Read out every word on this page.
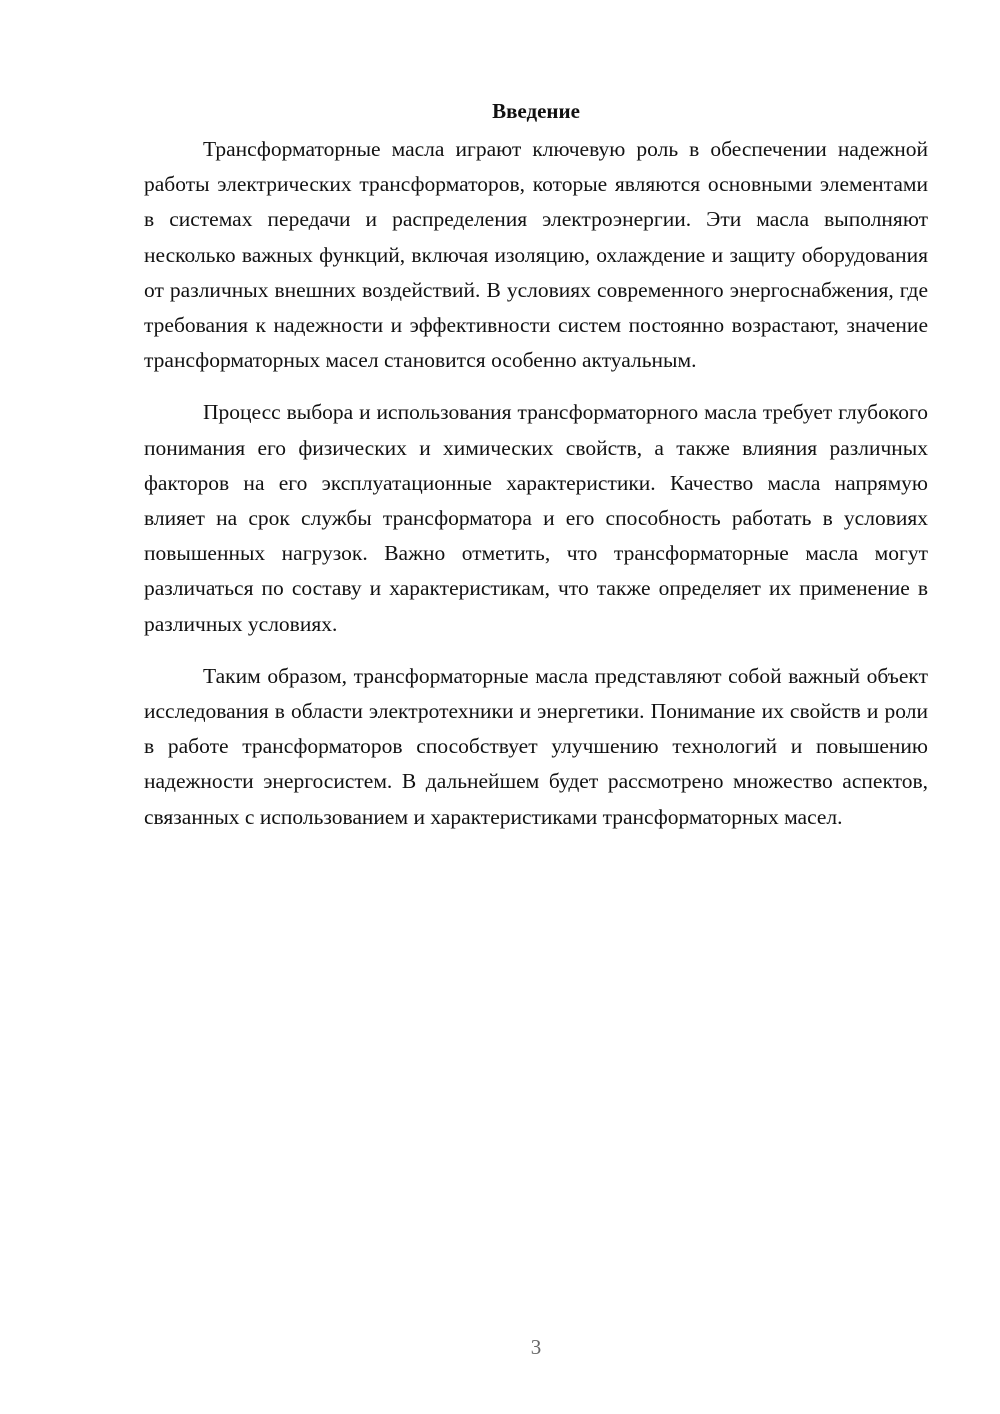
Введение

Трансформаторные масла играют ключевую роль в обеспечении надежной работы электрических трансформаторов, которые являются основными элементами в системах передачи и распределения электроэнергии. Эти масла выполняют несколько важных функций, включая изоляцию, охлаждение и защиту оборудования от различных внешних воздействий. В условиях современного энергоснабжения, где требования к надежности и эффективности систем постоянно возрастают, значение трансформаторных масел становится особенно актуальным.

Процесс выбора и использования трансформаторного масла требует глубокого понимания его физических и химических свойств, а также влияния различных факторов на его эксплуатационные характеристики. Качество масла напрямую влияет на срок службы трансформатора и его способность работать в условиях повышенных нагрузок. Важно отметить, что трансформаторные масла могут различаться по составу и характеристикам, что также определяет их применение в различных условиях.

Таким образом, трансформаторные масла представляют собой важный объект исследования в области электротехники и энергетики. Понимание их свойств и роли в работе трансформаторов способствует улучшению технологий и повышению надежности энергосистем. В дальнейшем будет рассмотрено множество аспектов, связанных с использованием и характеристиками трансформаторных масел.

3
